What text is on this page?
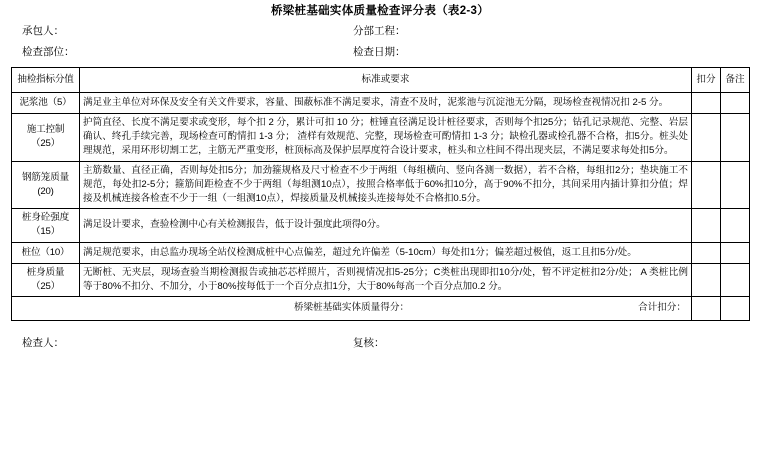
桥梁桩基础实体质量检查评分表（表2-3）
承包人：	分部工程：
检查部位：	检查日期：
抽检指标分值	标准或要求	扣分	备注
泥浆池（5）	满足业主单位对环保及安全有关文件要求，容量、围蔽标准不满足要求，清查不及时，泥浆池与沉淀池无分隔，现场检查视情况扣 2-5 分。		
施工控制（25）	护筒直径、长度不满足要求或变形，每个扣 2 分，累计可扣 10 分；桩锤直径满足设计桩径要求，否则每个扣25分；钻孔记录规范、完整、岩层确认、终孔手续完善，现场检查可酌情扣 1-3 分； 渣样有效规范、完整，现场检查可酌情扣 1-3 分；缺检孔器或检孔器不合格，扣5分。桩头处理规范，采用环形切割工艺，主筋无严重变形，桩顶标高及保护层厚度符合设计要求，桩头和立柱间不得出现夹层，不满足要求每处扣5分。		
钢筋笼质量(20)	主筋数量、直径正确，否则每处扣5分；加劲箍规格及尺寸检查不少于两组（每组横向、竖向各测一数据），若不合格，每组扣2分；垫块施工不规范，每处扣2-5分；箍筋间距检查不少于两组（每组测10点），按照合格率低于60%扣10分，高于90%不扣分，其间采用内插计算扣分值；焊接及机械连接各检查不少于一组（一组测10点），焊接质量及机械接头连接每处不合格扣0.5分。		
桩身砼强度（15）	满足设计要求，查验检测中心有关检测报告，低于设计强度此项得0分。		
桩位（10）	满足规范要求，由总监办现场全站仪检测成桩中心点偏差，超过允许偏差（5-10cm）每处扣1分；偏差超过极值，返工且扣5分/处。		
桩身质量（25）	无断桩、无夹层，现场查验当期检测报告或抽芯芯样照片，否则视情况扣5-25分；C类桩出现即扣10分/处，暂不评定桩扣2分/处； A 类桩比例等于80%不扣分、不加分，小于80%按每低于一个百分点扣1分，大于80%每高一个百分点加0.2 分。		

桥梁桩基础实体质量得分： 合计扣分：			

检查人：	复核：
